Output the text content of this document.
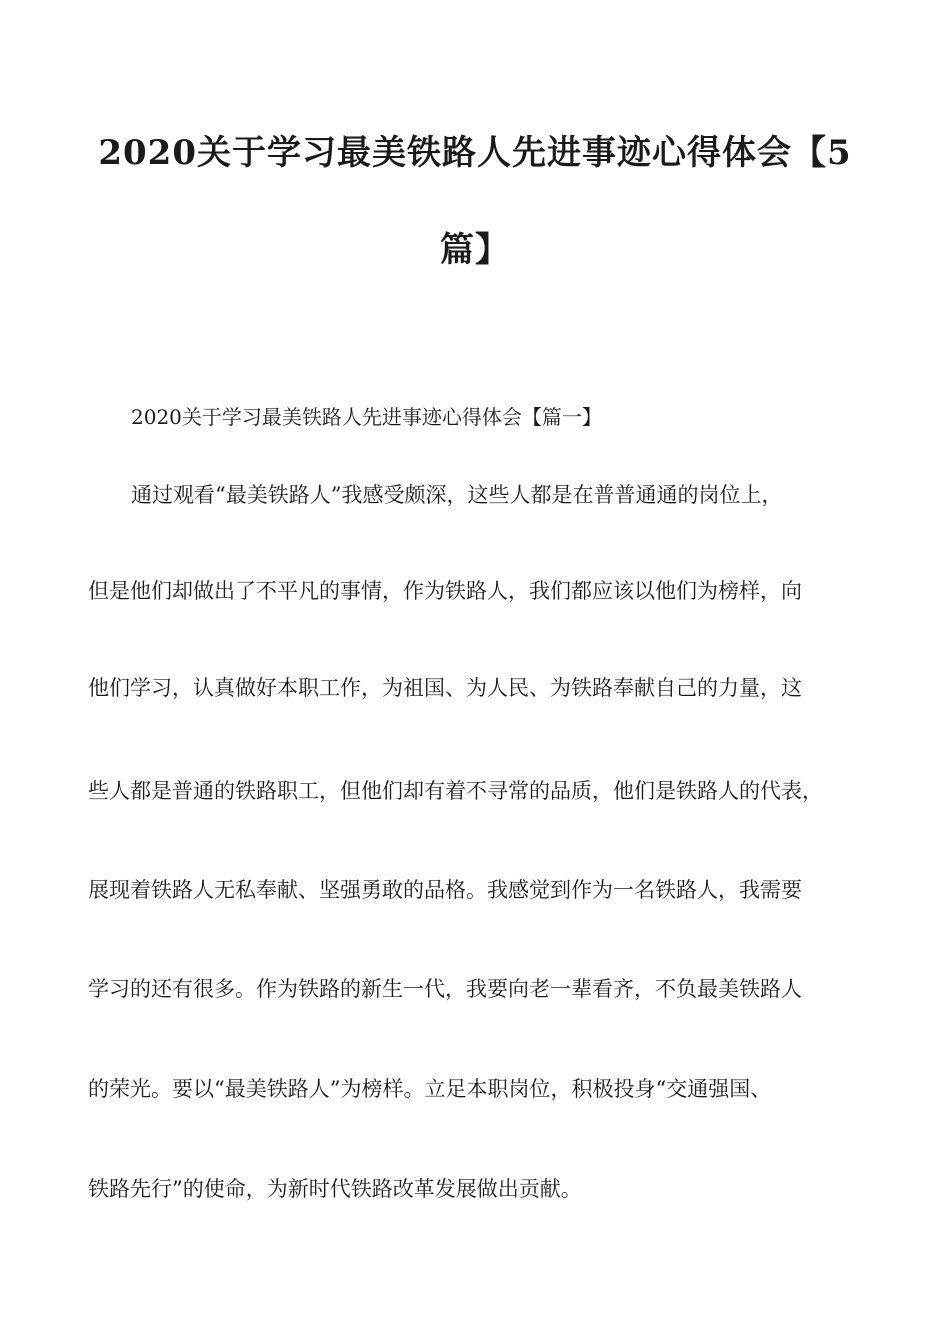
2020关于学习最美铁路人先进事迹心得体会【5
篇】

2020关于学习最美铁路人先进事迹心得体会【篇一】

通过观看“最美铁路人”我感受颇深，这些人都是在普普通通的岗位上，

但是他们却做出了不平凡的事情，作为铁路人，我们都应该以他们为榜样，向

他们学习，认真做好本职工作，为祖国、为人民、为铁路奉献自己的力量，这

些人都是普通的铁路职工，但他们却有着不寻常的品质，他们是铁路人的代表，

展现着铁路人无私奉献、坚强勇敢的品格。我感觉到作为一名铁路人，我需要

学习的还有很多。作为铁路的新生一代，我要向老一辈看齐，不负最美铁路人

的荣光。要以“最美铁路人”为榜样。立足本职岗位，积极投身“交通强国、

铁路先行”的使命，为新时代铁路改革发展做出贡献。
